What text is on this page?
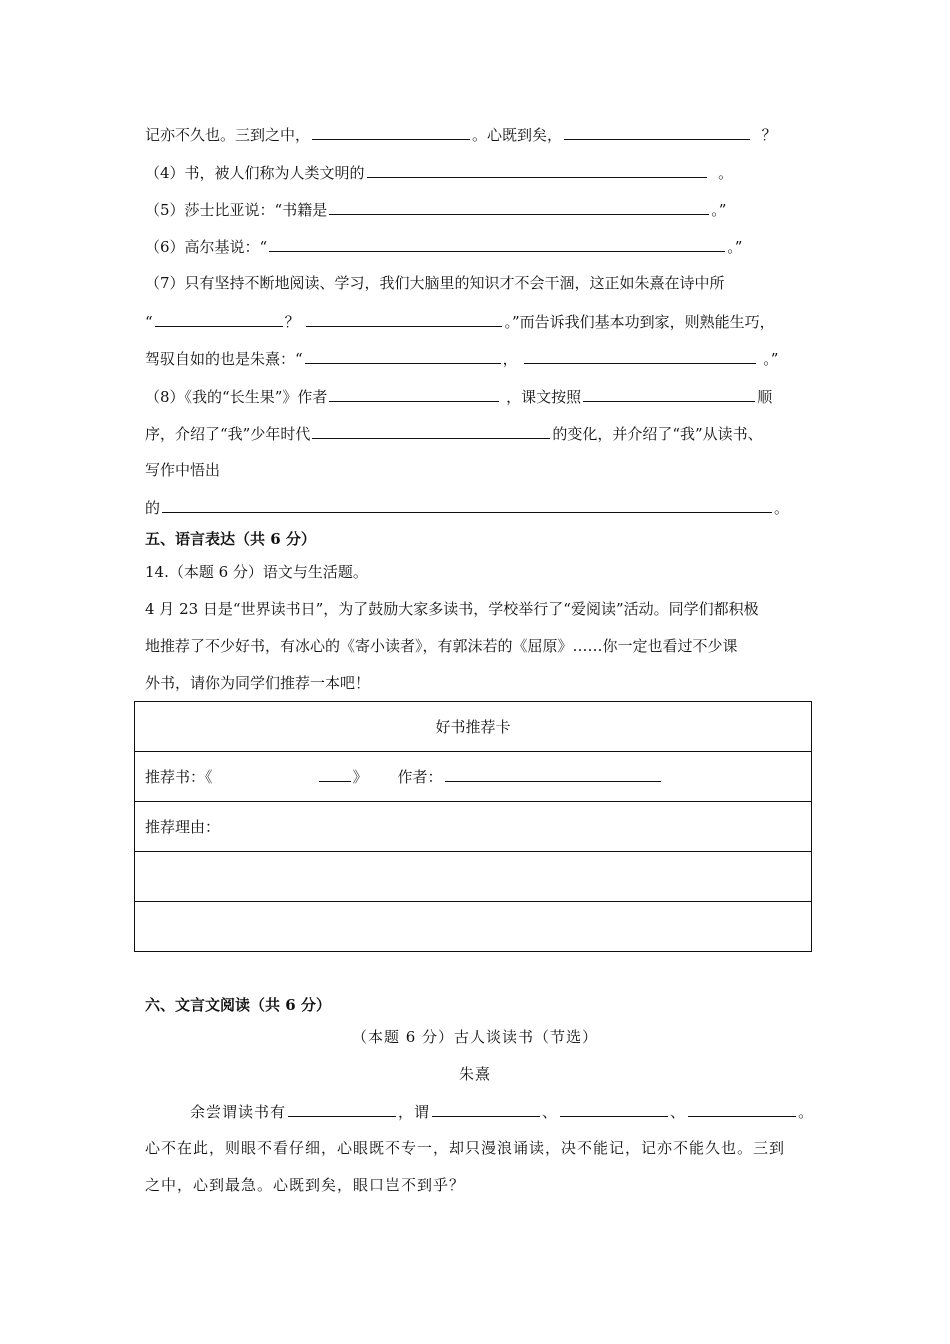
记亦不久也。三到之中，	。心既到矣，	？
（4）书，被人们称为人类文明的	。
（5）莎士比亚说：“书籍是	。”
（6）高尔基说：“	。”
（7）只有坚持不断地阅读、学习，我们大脑里的知识才不会干涸，这正如朱熹在诗中所
“	？	。”而告诉我们基本功到家，则熟能生巧，
驾驭自如的也是朱熹：“	，	。”
（8）《我的“长生果”》作者	，课文按照	顺
序，介绍了“我”少年时代	的变化，并介绍了“我”从读书、
写作中悟出
的	。
五、语言表达（共 6 分）
14.（本题 6 分）语文与生活题。
4 月 23 日是“世界读书日”，为了鼓励大家多读书，学校举行了“爱阅读”活动。同学们都积极
地推荐了不少好书，有冰心的《寄小读者》，有郭沫若的《屈原》……你一定也看过不少课
外书，请你为同学们推荐一本吧！
好书推荐卡
推荐书：《	》 作者：
推荐理由：

六、文言文阅读（共 6 分）
（本题 6 分）古人谈读书（节选）
朱熹
余尝谓读书有	，谓	、	、	。
心不在此，则眼不看仔细，心眼既不专一，却只漫浪诵读，决不能记，记亦不能久也。三到
之中，心到最急。心既到矣，眼口岂不到乎？
